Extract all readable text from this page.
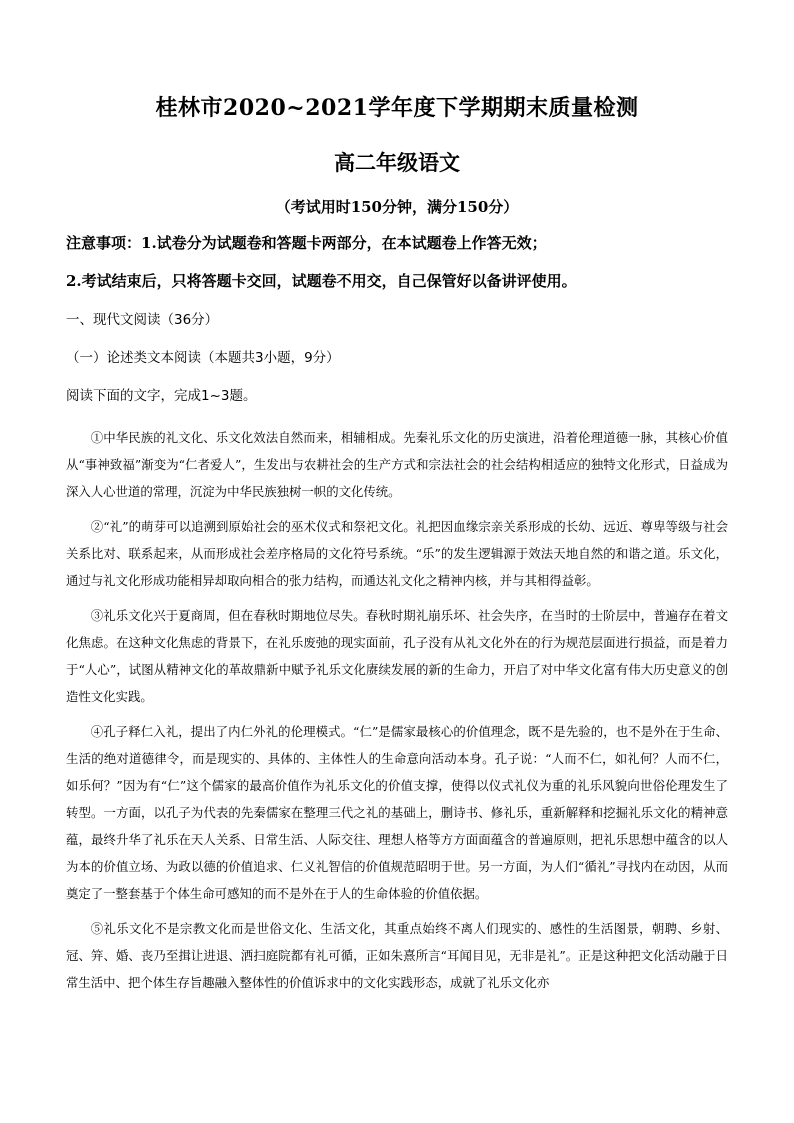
桂林市2020~2021学年度下学期期末质量检测
高二年级语文
（考试用时150分钟，满分150分）
注意事项：1.试卷分为试题卷和答题卡两部分，在本试题卷上作答无效；
2.考试结束后，只将答题卡交回，试题卷不用交，自己保管好以备讲评使用。
一、现代文阅读（36分）
（一）论述类文本阅读（本题共3小题，9分）
阅读下面的文字，完成1~3题。

①中华民族的礼文化、乐文化效法自然而来，相辅相成。先秦礼乐文化的历史演进，沿着伦理道德一脉，其核心价值从“事神致福”渐变为“仁者爱人”，生发出与农耕社会的生产方式和宗法社会的社会结构相适应的独特文化形式，日益成为深入人心世道的常理，沉淀为中华民族独树一帜的文化传统。

②“礼”的萌芽可以追溯到原始社会的巫术仪式和祭祀文化。礼把因血缘宗亲关系形成的长幼、远近、尊卑等级与社会关系比对、联系起来，从而形成社会差序格局的文化符号系统。“乐”的发生逻辑源于效法天地自然的和谐之道。乐文化，通过与礼文化形成功能相异却取向相合的张力结构，而通达礼文化之精神内核，并与其相得益彰。

③礼乐文化兴于夏商周，但在春秋时期地位尽失。春秋时期礼崩乐坏、社会失序，在当时的士阶层中，普遍存在着文化焦虑。在这种文化焦虑的背景下，在礼乐废弛的现实面前，孔子没有从礼文化外在的行为规范层面进行损益，而是着力于“人心”，试图从精神文化的革故鼎新中赋予礼乐文化赓续发展的新的生命力，开启了对中华文化富有伟大历史意义的创造性文化实践。

④孔子释仁入礼，提出了内仁外礼的伦理模式。“仁”是儒家最核心的价值理念，既不是先验的，也不是外在于生命、生活的绝对道德律令，而是现实的、具体的、主体性人的生命意向活动本身。孔子说：“人而不仁，如礼何？人而不仁，如乐何？”因为有“仁”这个儒家的最高价值作为礼乐文化的价值支撑，使得以仪式礼仪为重的礼乐风貌向世俗伦理发生了转型。一方面，以孔子为代表的先秦儒家在整理三代之礼的基础上，删诗书、修礼乐，重新解释和挖掘礼乐文化的精神意蕴，最终升华了礼乐在天人关系、日常生活、人际交往、理想人格等方方面面蕴含的普遍原则，把礼乐思想中蕴含的以人为本的价值立场、为政以德的价值追求、仁义礼智信的价值规范昭明于世。另一方面，为人们“循礼”寻找内在动因，从而奠定了一整套基于个体生命可感知的而不是外在于人的生命体验的价值依据。

⑤礼乐文化不是宗教文化而是世俗文化、生活文化，其重点始终不离人们现实的、感性的生活图景，朝聘、乡射、冠、笄、婚、丧乃至揖让进退、洒扫庭院都有礼可循，正如朱熹所言“耳闻目见，无非是礼”。正是这种把文化活动融于日常生活中、把个体生存旨趣融入整体性的价值诉求中的文化实践形态，成就了礼乐文化亦
